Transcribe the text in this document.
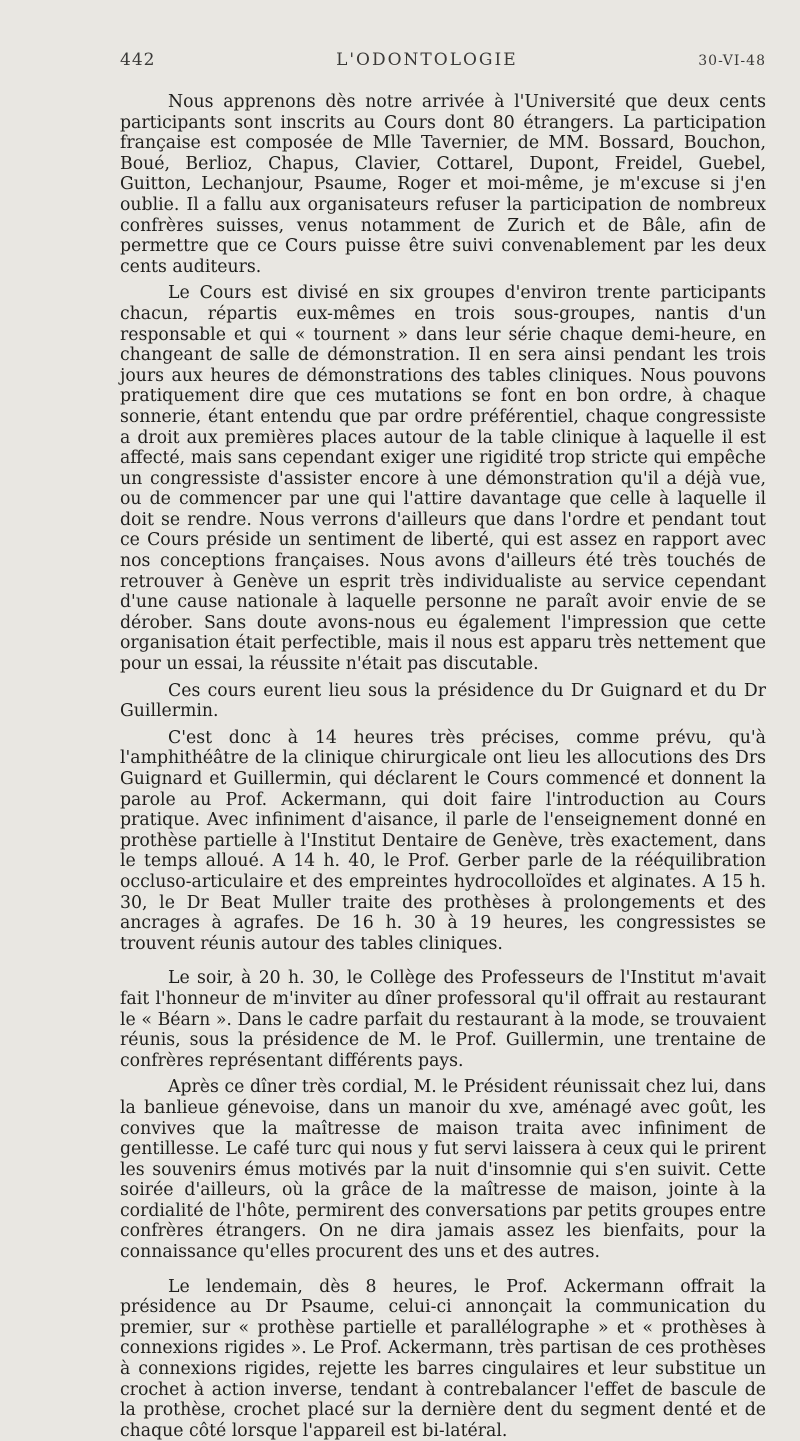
442	L'ODONTOLOGIE	30-VI-48

Nous apprenons dès notre arrivée à l'Université que deux cents participants sont inscrits au Cours dont 80 étrangers. La participation française est composée de Mlle Tavernier, de MM. Bossard, Bouchon, Boué, Berlioz, Chapus, Clavier, Cottarel, Dupont, Freidel, Guebel, Guitton, Lechanjour, Psaume, Roger et moi-même, je m'excuse si j'en oublie. Il a fallu aux organisateurs refuser la participation de nombreux confrères suisses, venus notamment de Zurich et de Bâle, afin de permettre que ce Cours puisse être suivi convenablement par les deux cents auditeurs.

Le Cours est divisé en six groupes d'environ trente participants chacun, répartis eux-mêmes en trois sous-groupes, nantis d'un responsable et qui « tournent » dans leur série chaque demi-heure, en changeant de salle de démonstration. Il en sera ainsi pendant les trois jours aux heures de démonstrations des tables cliniques. Nous pouvons pratiquement dire que ces mutations se font en bon ordre, à chaque sonnerie, étant entendu que par ordre préférentiel, chaque congressiste a droit aux premières places autour de la table clinique à laquelle il est affecté, mais sans cependant exiger une rigidité trop stricte qui empêche un congressiste d'assister encore à une démonstration qu'il a déjà vue, ou de commencer par une qui l'attire davantage que celle à laquelle il doit se rendre. Nous verrons d'ailleurs que dans l'ordre et pendant tout ce Cours préside un sentiment de liberté, qui est assez en rapport avec nos conceptions françaises. Nous avons d'ailleurs été très touchés de retrouver à Genève un esprit très individualiste au service cependant d'une cause nationale à laquelle personne ne paraît avoir envie de se dérober. Sans doute avons-nous eu également l'impression que cette organisation était perfectible, mais il nous est apparu très nettement que pour un essai, la réussite n'était pas discutable.

Ces cours eurent lieu sous la présidence du Dr Guignard et du Dr Guillermin.

C'est donc à 14 heures très précises, comme prévu, qu'à l'amphithéâtre de la clinique chirurgicale ont lieu les allocutions des Drs Guignard et Guillermin, qui déclarent le Cours commencé et donnent la parole au Prof. Ackermann, qui doit faire l'introduction au Cours pratique. Avec infiniment d'aisance, il parle de l'enseignement donné en prothèse partielle à l'Institut Dentaire de Genève, très exactement, dans le temps alloué. A 14 h. 40, le Prof. Gerber parle de la rééquilibration occluso-articulaire et des empreintes hydrocolloïdes et alginates. A 15 h. 30, le Dr Beat Muller traite des prothèses à prolongements et des ancrages à agrafes. De 16 h. 30 à 19 heures, les congressistes se trouvent réunis autour des tables cliniques.

Le soir, à 20 h. 30, le Collège des Professeurs de l'Institut m'avait fait l'honneur de m'inviter au dîner professoral qu'il offrait au restaurant le « Béarn ». Dans le cadre parfait du restaurant à la mode, se trouvaient réunis, sous la présidence de M. le Prof. Guillermin, une trentaine de confrères représentant différents pays.

Après ce dîner très cordial, M. le Président réunissait chez lui, dans la banlieue génevoise, dans un manoir du xve, aménagé avec goût, les convives que la maîtresse de maison traita avec infiniment de gentillesse. Le café turc qui nous y fut servi laissera à ceux qui le prirent les souvenirs émus motivés par la nuit d'insomnie qui s'en suivit. Cette soirée d'ailleurs, où la grâce de la maîtresse de maison, jointe à la cordialité de l'hôte, permirent des conversations par petits groupes entre confrères étrangers. On ne dira jamais assez les bienfaits, pour la connaissance qu'elles procurent des uns et des autres.

Le lendemain, dès 8 heures, le Prof. Ackermann offrait la présidence au Dr Psaume, celui-ci annonçait la communication du premier, sur « prothèse partielle et parallélographe » et « prothèses à connexions rigides ». Le Prof. Ackermann, très partisan de ces prothèses à connexions rigides, rejette les barres cingulaires et leur substitue un crochet à action inverse, tendant à contrebalancer l'effet de bascule de la prothèse, crochet placé sur la dernière dent du segment denté et de chaque côté lorsque l'appareil est bi-latéral.
